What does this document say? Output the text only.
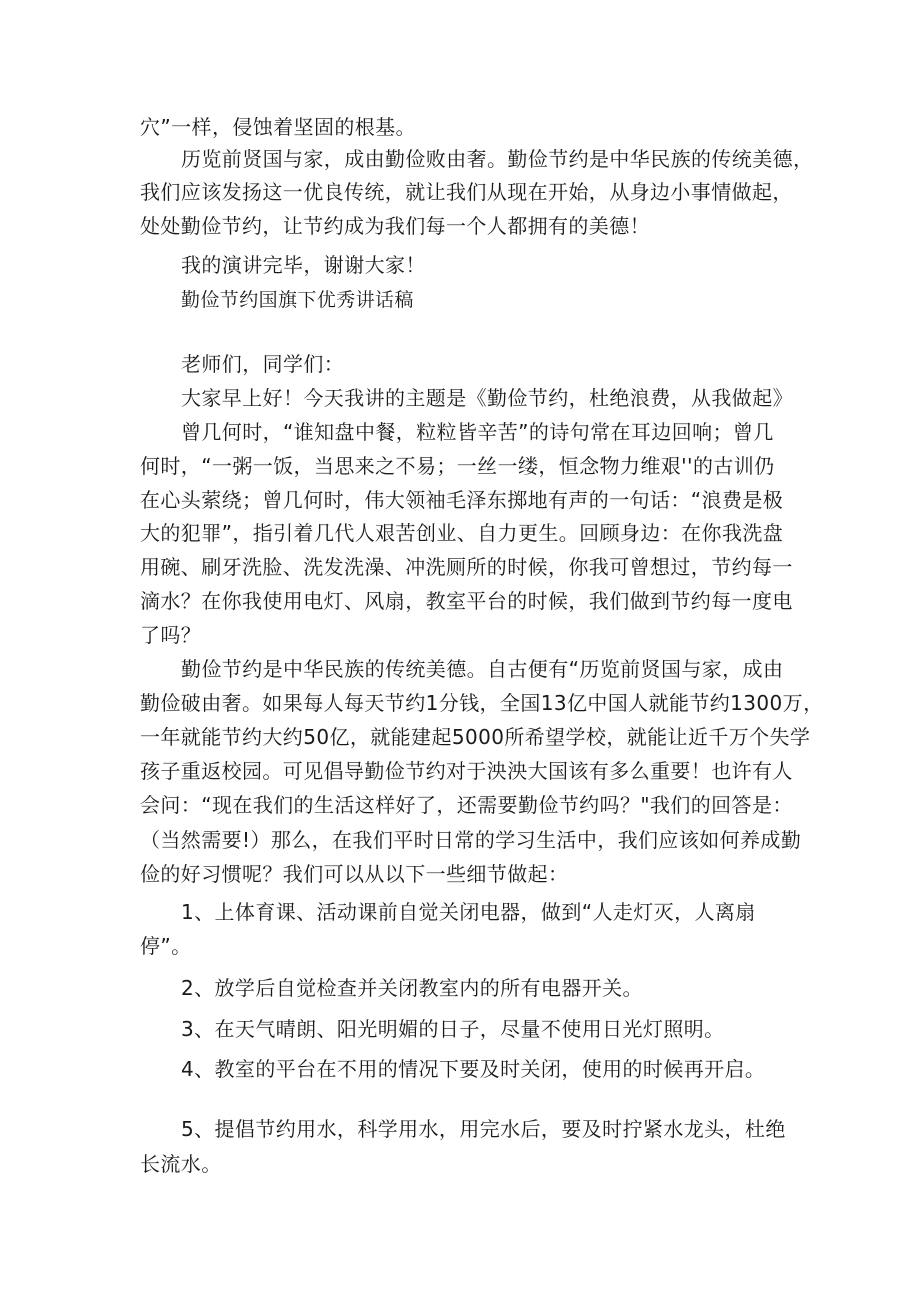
穴”一样，侵蚀着坚固的根基。
历览前贤国与家，成由勤俭败由奢。勤俭节约是中华民族的传统美德，
我们应该发扬这一优良传统，就让我们从现在开始，从身边小事情做起，
处处勤俭节约，让节约成为我们每一个人都拥有的美德！
我的演讲完毕，谢谢大家！
勤俭节约国旗下优秀讲话稿
老师们，同学们：
大家早上好！今天我讲的主题是《勤俭节约，杜绝浪费，从我做起》
曾几何时，“谁知盘中餐，粒粒皆辛苦”的诗句常在耳边回响；曾几
何时，“一粥一饭，当思来之不易；一丝一缕，恒念物力维艰''的古训仍
在心头萦绕；曾几何时，伟大领袖毛泽东掷地有声的一句话：“浪费是极
大的犯罪”，指引着几代人艰苦创业、自力更生。回顾身边：在你我洗盘
用碗、刷牙洗脸、洗发洗澡、冲洗厕所的时候，你我可曾想过，节约每一
滴水？在你我使用电灯、风扇，教室平台的时候，我们做到节约每一度电
了吗？
勤俭节约是中华民族的传统美德。自古便有“历览前贤国与家，成由
勤俭破由奢。如果每人每天节约1分钱，全国13亿中国人就能节约1300万，
一年就能节约大约50亿，就能建起5000所希望学校，就能让近千万个失学
孩子重返校园。可见倡导勤俭节约对于泱泱大国该有多么重要！也许有人
会问：“现在我们的生活这样好了，还需要勤俭节约吗？"我们的回答是：
（当然需要!）那么，在我们平时日常的学习生活中，我们应该如何养成勤
俭的好习惯呢？我们可以从以下一些细节做起：
1、上体育课、活动课前自觉关闭电器，做到“人走灯灭，人离扇
停”。
2、放学后自觉检查并关闭教室内的所有电器开关。
3、在天气晴朗、阳光明媚的日子，尽量不使用日光灯照明。
4、教室的平台在不用的情况下要及时关闭，使用的时候再开启。
5、提倡节约用水，科学用水，用完水后，要及时拧紧水龙头，杜绝
长流水。
